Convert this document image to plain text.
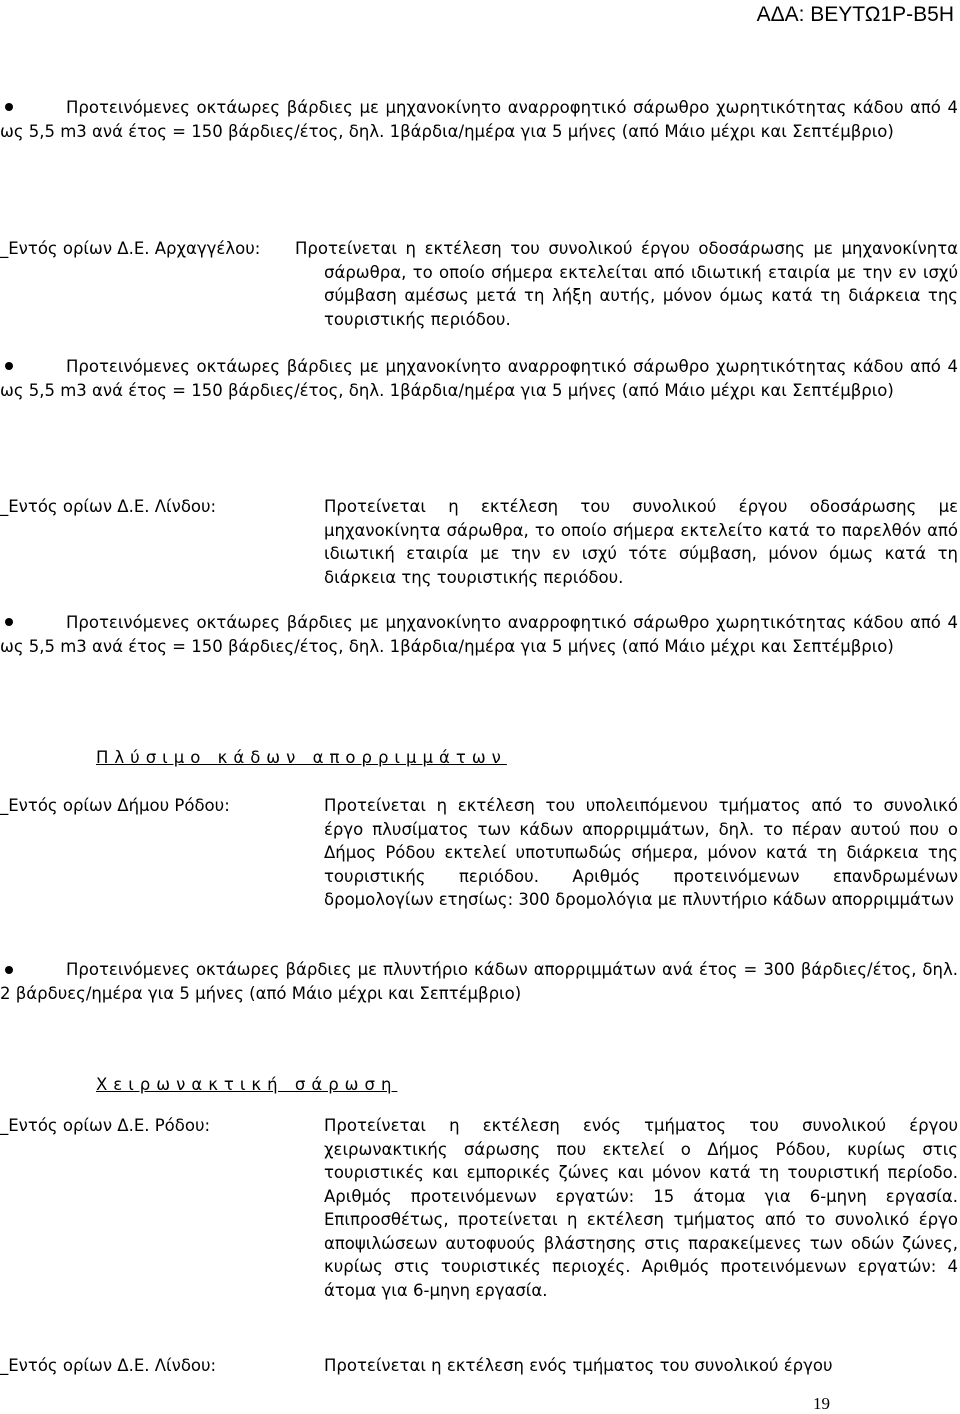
ΑΔΑ: ΒΕΥΤΩ1Ρ-Β5Η

Προτεινόμενες οκτάωρες βάρδιες με μηχανοκίνητο αναρροφητικό σάρωθρο χωρητικότητας κάδου από 4 ως 5,5 m3 ανά έτος = 150 βάρδιες/έτος, δηλ. 1βάρδια/ημέρα για 5 μήνες (από Μάιο μέχρι και Σεπτέμβριο)

_Εντός ορίων Δ.Ε. Αρχαγγέλου: Προτείνεται η εκτέλεση του συνολικού έργου οδοσάρωσης με μηχανοκίνητα σάρωθρα, το οποίο σήμερα εκτελείται από ιδιωτική εταιρία με την εν ισχύ σύμβαση αμέσως μετά τη λήξη αυτής, μόνον όμως κατά τη διάρκεια της τουριστικής περιόδου.

Προτεινόμενες οκτάωρες βάρδιες με μηχανοκίνητο αναρροφητικό σάρωθρο χωρητικότητας κάδου από 4 ως 5,5 m3 ανά έτος = 150 βάρδιες/έτος, δηλ. 1βάρδια/ημέρα για 5 μήνες (από Μάιο μέχρι και Σεπτέμβριο)

_Εντός ορίων Δ.Ε. Λίνδου:	Προτείνεται η εκτέλεση του συνολικού έργου οδοσάρωσης με μηχανοκίνητα σάρωθρα, το οποίο σήμερα εκτελείτο κατά το παρελθόν από ιδιωτική εταιρία με την εν ισχύ τότε σύμβαση, μόνον όμως κατά τη διάρκεια της τουριστικής περιόδου.

Προτεινόμενες οκτάωρες βάρδιες με μηχανοκίνητο αναρροφητικό σάρωθρο χωρητικότητας κάδου από 4 ως 5,5 m3 ανά έτος = 150 βάρδιες/έτος, δηλ. 1βάρδια/ημέρα για 5 μήνες (από Μάιο μέχρι και Σεπτέμβριο)

Πλύσιμο κάδων απορριμμάτων
_Εντός ορίων Δήμου Ρόδου:	Προτείνεται η εκτέλεση του υπολειπόμενου τμήματος από το συνολικό έργο πλυσίματος των κάδων απορριμμάτων, δηλ. το πέραν αυτού που ο Δήμος Ρόδου εκτελεί υποτυπωδώς σήμερα, μόνον κατά τη διάρκεια της τουριστικής περιόδου. Αριθμός προτεινόμενων επανδρωμένων δρομολογίων ετησίως: 300 δρομολόγια με πλυντήριο κάδων απορριμμάτων

Προτεινόμενες οκτάωρες βάρδιες με πλυντήριο κάδων απορριμμάτων ανά έτος = 300 βάρδιες/έτος, δηλ. 2 βάρδυες/ημέρα για 5 μήνες (από Μάιο μέχρι και Σεπτέμβριο)

Χειρωνακτική σάρωση
_Εντός ορίων Δ.Ε. Ρόδου:	Προτείνεται η εκτέλεση ενός τμήματος του συνολικού έργου χειρωνακτικής σάρωσης που εκτελεί ο Δήμος Ρόδου, κυρίως στις τουριστικές και εμπορικές ζώνες και μόνον κατά τη τουριστική περίοδο. Αριθμός προτεινόμενων εργατών: 15 άτομα για 6-μηνη εργασία. Επιπροσθέτως, προτείνεται η εκτέλεση τμήματος από το συνολικό έργο αποψιλώσεων αυτοφυούς βλάστησης στις παρακείμενες των οδών ζώνες, κυρίως στις τουριστικές περιοχές. Αριθμός προτεινόμενων εργατών: 4 άτομα για 6-μηνη εργασία.

_Εντός ορίων Δ.Ε. Λίνδου:	Προτείνεται η εκτέλεση ενός τμήματος του συνολικού έργου

19
